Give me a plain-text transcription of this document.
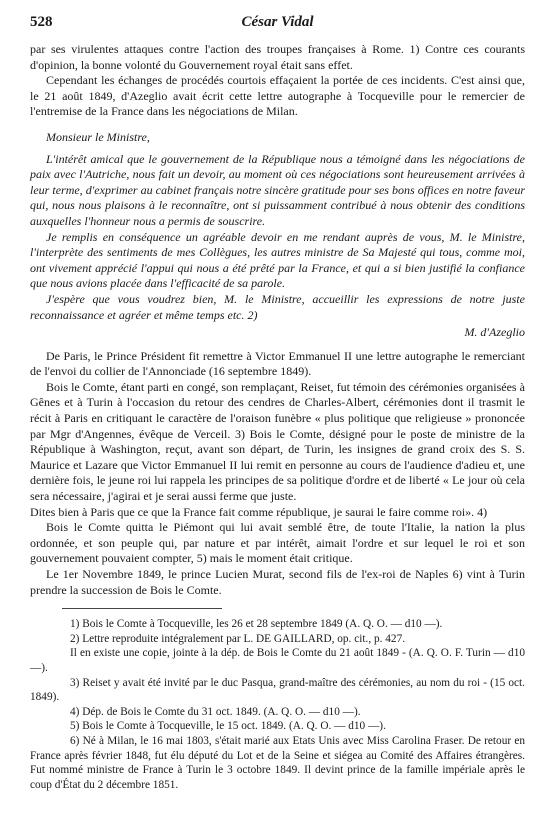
528	César Vidal

par ses virulentes attaques contre l'action des troupes françaises à Rome. 1) Contre ces courants d'opinion, la bonne volonté du Gouvernement royal était sans effet.

Cependant les échanges de procédés courtois effaçaient la portée de ces incidents. C'est ainsi que, le 21 août 1849, d'Azeglio avait écrit cette lettre autographe à Tocqueville pour le remercier de l'entremise de la France dans les négociations de Milan.

Monsieur le Ministre,

L'intérêt amical que le gouvernement de la République nous a témoigné dans les négociations de paix avec l'Autriche, nous fait un devoir, au moment où ces négociations sont heureusement arrivées à leur terme, d'exprimer au cabinet français notre sincère gratitude pour ses bons offices en notre faveur qui, nous nous plaisons à le reconnaître, ont si puissamment contribué à nous obtenir des conditions auxquelles l'honneur nous a permis de souscrire.

Je remplis en conséquence un agréable devoir en me rendant auprès de vous, M. le Ministre, l'interprète des sentiments de mes Collègues, les autres ministre de Sa Majesté qui tous, comme moi, ont vivement apprécié l'appui qui nous a été prêté par la France, et qui a si bien justifié la confiance que nous avions placée dans l'efficacité de sa parole.

J'espère que vous voudrez bien, M. le Ministre, accueillir les expressions de notre juste reconnaissance et agréer et même temps etc. 2)

M. d'Azeglio

De Paris, le Prince Président fit remettre à Victor Emmanuel II une lettre autographe le remerciant de l'envoi du collier de l'Annonciade (16 septembre 1849).

Bois le Comte, étant parti en congé, son remplaçant, Reiset, fut témoin des cérémonies organisées à Gênes et à Turin à l'occasion du retour des cendres de Charles-Albert, cérémonies dont il trasmit le récit à Paris en critiquant le caractère de l'oraison funèbre « plus politique que religieuse » prononcée par Mgr d'Angennes, évêque de Verceil. 3) Bois le Comte, désigné pour le poste de ministre de la République à Washington, reçut, avant son départ, de Turin, les insignes de grand croix des S. S. Maurice et Lazare que Victor Emmanuel II lui remit en personne au cours de l'audience d'adieu et, une dernière fois, le jeune roi lui rappela les principes de sa politique d'ordre et de liberté « Le jour où cela sera nécessaire, j'agirai et je serai aussi ferme que juste.

Dites bien à Paris que ce que la France fait comme république, je saurai le faire comme roi». 4)

Bois le Comte quitta le Piémont qui lui avait semblé être, de toute l'Italie, la nation la plus ordonnée, et son peuple qui, par nature et par intérêt, aimait l'ordre et sur lequel le roi et son gouvernement pouvaient compter, 5) mais le moment était critique.

Le 1er Novembre 1849, le prince Lucien Murat, second fils de l'ex-roi de Naples 6) vint à Turin prendre la succession de Bois le Comte.

1) Bois le Comte à Tocqueville, les 26 et 28 septembre 1849 (A. Q. O. — d10 —).

2) Lettre reproduite intégralement par L. DE GAILLARD, op. cit., p. 427.

Il en existe une copie, jointe à la dép. de Bois le Comte du 21 août 1849 - (A. Q. O. F. Turin — d10 —).

3) Reiset y avait été invité par le duc Pasqua, grand-maître des cérémonies, au nom du roi - (15 oct. 1849).

4) Dép. de Bois le Comte du 31 oct. 1849. (A. Q. O. — d10 —).

5) Bois le Comte à Tocqueville, le 15 oct. 1849. (A. Q. O. — d10 —).

6) Né à Milan, le 16 mai 1803, s'était marié aux Etats Unis avec Miss Carolina Fraser. De retour en France après février 1848, fut élu député du Lot et de la Seine et siégea au Comité des Affaires étrangères. Fut nommé ministre de France à Turin le 3 octobre 1849. Il devint prince de la famille impériale après le coup d'État du 2 décembre 1851.
